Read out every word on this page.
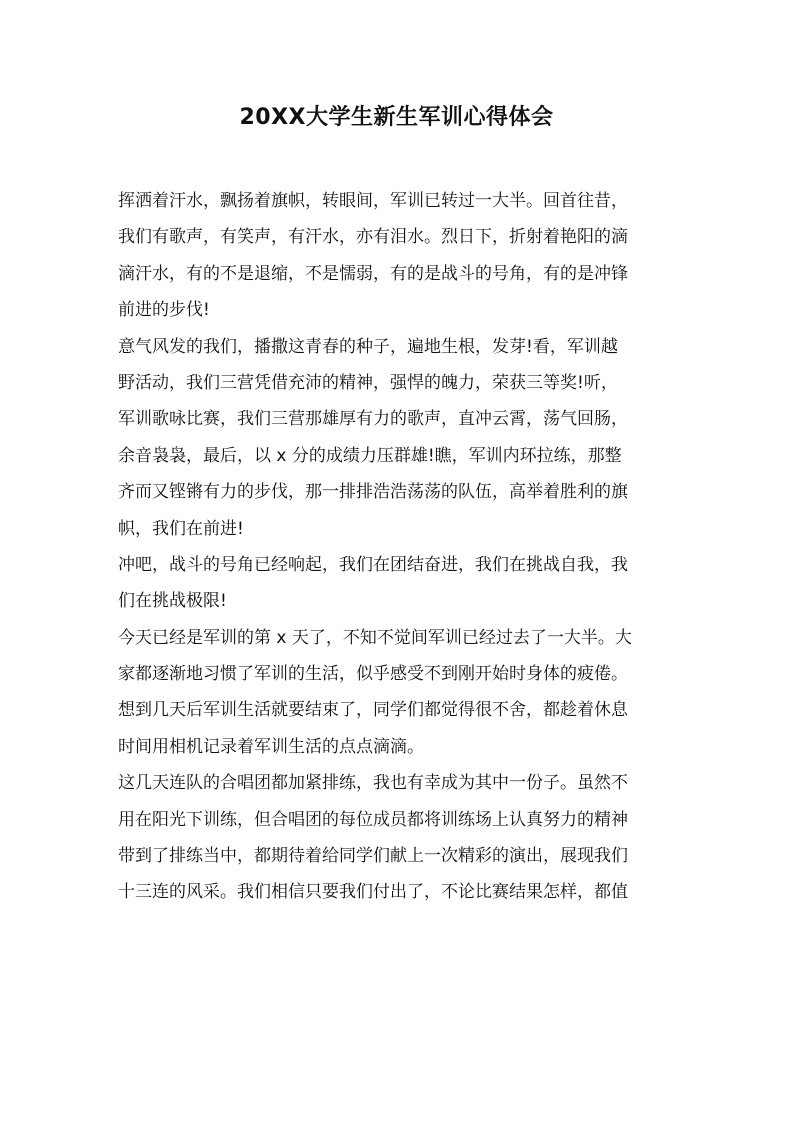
20XX大学生新生军训心得体会
挥洒着汗水，飘扬着旗帜，转眼间，军训已转过一大半。回首往昔，
我们有歌声，有笑声，有汗水，亦有泪水。烈日下，折射着艳阳的滴
滴汗水，有的不是退缩，不是懦弱，有的是战斗的号角，有的是冲锋
前进的步伐!
意气风发的我们，播撒这青春的种子，遍地生根，发芽!看，军训越
野活动，我们三营凭借充沛的精神，强悍的魄力，荣获三等奖!听，
军训歌咏比赛，我们三营那雄厚有力的歌声，直冲云霄，荡气回肠，
余音袅袅，最后，以 x 分的成绩力压群雄!瞧，军训内环拉练，那整
齐而又铿锵有力的步伐，那一排排浩浩荡荡的队伍，高举着胜利的旗
帜，我们在前进!
冲吧，战斗的号角已经响起，我们在团结奋进，我们在挑战自我，我
们在挑战极限!
今天已经是军训的第 x 天了，不知不觉间军训已经过去了一大半。大
家都逐渐地习惯了军训的生活，似乎感受不到刚开始时身体的疲倦。
想到几天后军训生活就要结束了，同学们都觉得很不舍，都趁着休息
时间用相机记录着军训生活的点点滴滴。
这几天连队的合唱团都加紧排练，我也有幸成为其中一份子。虽然不
用在阳光下训练，但合唱团的每位成员都将训练场上认真努力的精神
带到了排练当中，都期待着给同学们献上一次精彩的演出，展现我们
十三连的风采。我们相信只要我们付出了，不论比赛结果怎样，都值
